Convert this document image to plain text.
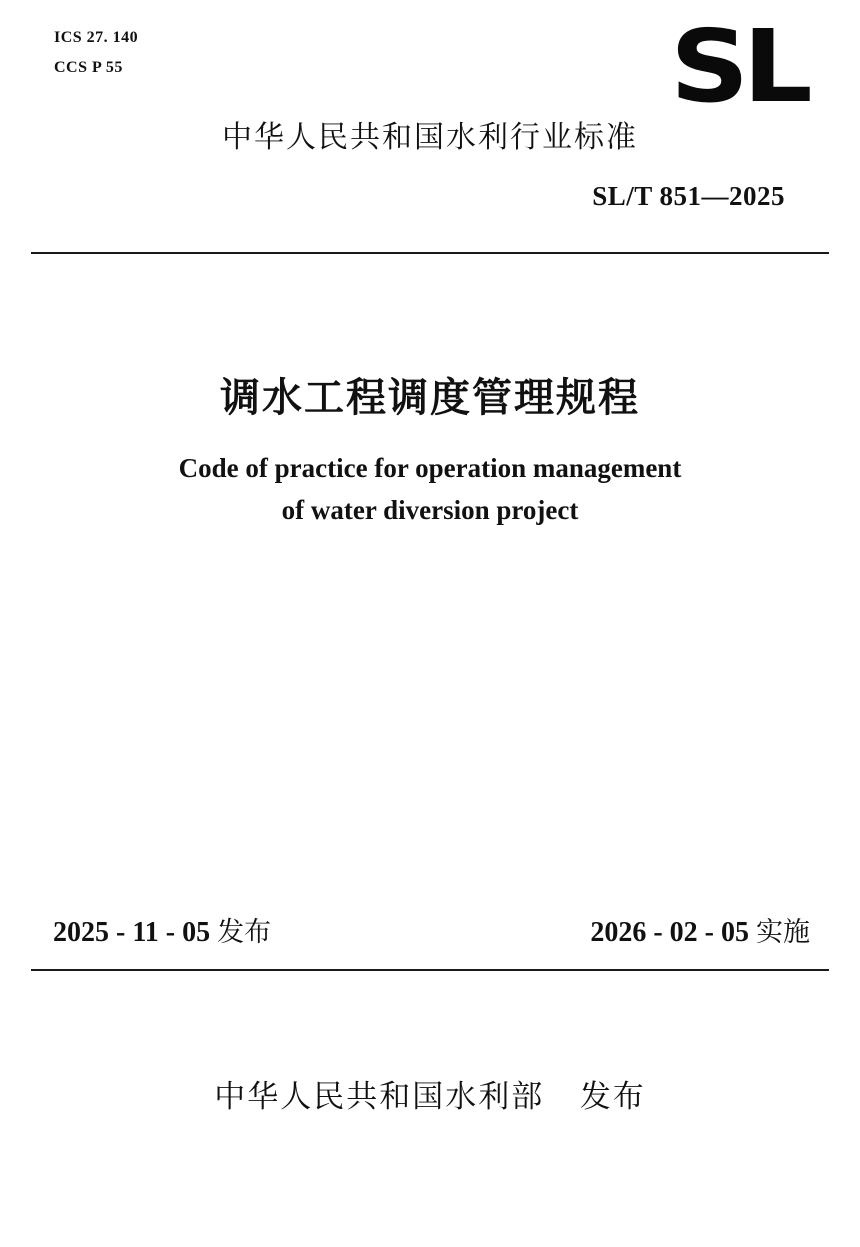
ICS 27. 140
CCS P 55	SL
中华人民共和国水利行业标准
SL/T 851—2025
调水工程调度管理规程
Code of practice for operation management
of water diversion project
2025 - 11 - 05 发布	2026 - 02 - 05 实施
中华人民共和国水利部 发布
